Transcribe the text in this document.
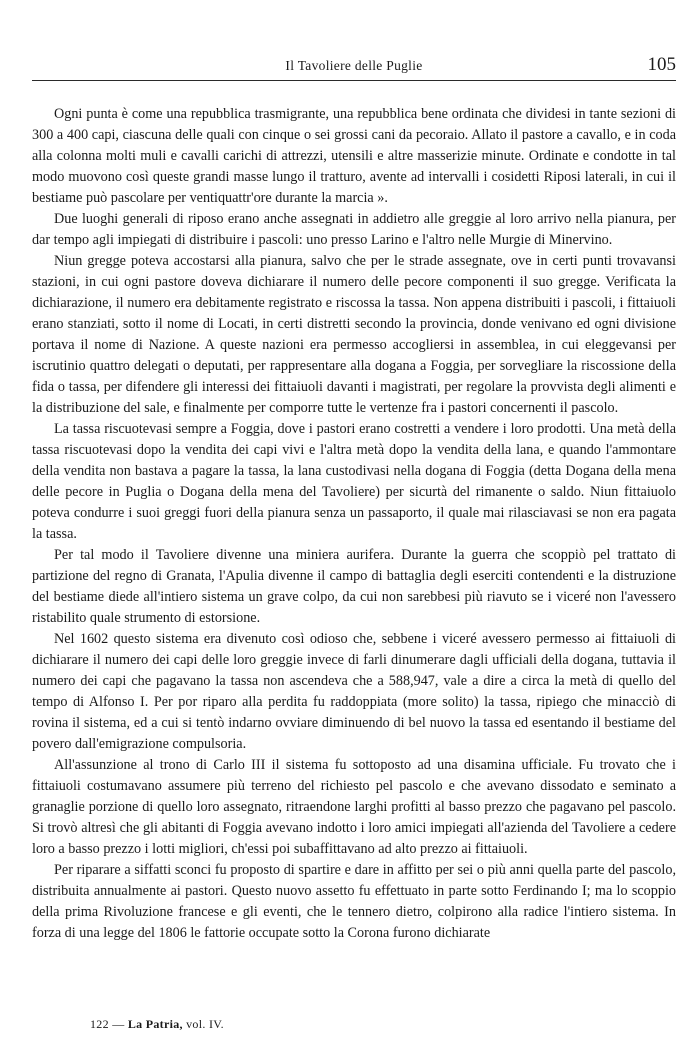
Il Tavoliere delle Puglie	105

Ogni punta è come una repubblica trasmigrante, una repubblica bene ordinata che dividesi in tante sezioni di 300 a 400 capi, ciascuna delle quali con cinque o sei grossi cani da pecoraio. Allato il pastore a cavallo, e in coda alla colonna molti muli e cavalli carichi di attrezzi, utensili e altre masserizie minute. Ordinate e condotte in tal modo muovono così queste grandi masse lungo il tratturo, avente ad intervalli i cosidetti Riposi laterali, in cui il bestiame può pascolare per ventiquattr'ore durante la marcia ».

Due luoghi generali di riposo erano anche assegnati in addietro alle greggie al loro arrivo nella pianura, per dar tempo agli impiegati di distribuire i pascoli: uno presso Larino e l'altro nelle Murgie di Minervino.

Niun gregge poteva accostarsi alla pianura, salvo che per le strade assegnate, ove in certi punti trovavansi stazioni, in cui ogni pastore doveva dichiarare il numero delle pecore componenti il suo gregge. Verificata la dichiarazione, il numero era debitamente registrato e riscossa la tassa. Non appena distribuiti i pascoli, i fittaiuoli erano stanziati, sotto il nome di Locati, in certi distretti secondo la provincia, donde venivano ed ogni divisione portava il nome di Nazione. A queste nazioni era permesso accogliersi in assemblea, in cui eleggevansi per iscrutinio quattro delegati o deputati, per rappresentare alla dogana a Foggia, per sorvegliare la riscossione della fida o tassa, per difendere gli interessi dei fittaiuoli davanti i magistrati, per regolare la provvista degli alimenti e la distribuzione del sale, e finalmente per comporre tutte le vertenze fra i pastori concernenti il pascolo.

La tassa riscuotevasi sempre a Foggia, dove i pastori erano costretti a vendere i loro prodotti. Una metà della tassa riscuotevasi dopo la vendita dei capi vivi e l'altra metà dopo la vendita della lana, e quando l'ammontare della vendita non bastava a pagare la tassa, la lana custodivasi nella dogana di Foggia (detta Dogana della mena delle pecore in Puglia o Dogana della mena del Tavoliere) per sicurtà del rimanente o saldo. Niun fittaiuolo poteva condurre i suoi greggi fuori della pianura senza un passaporto, il quale mai rilasciavasi se non era pagata la tassa.

Per tal modo il Tavoliere divenne una miniera aurifera. Durante la guerra che scoppiò pel trattato di partizione del regno di Granata, l'Apulia divenne il campo di battaglia degli eserciti contendenti e la distruzione del bestiame diede all'intiero sistema un grave colpo, da cui non sarebbesi più riavuto se i viceré non l'avessero ristabilito quale strumento di estorsione.

Nel 1602 questo sistema era divenuto così odioso che, sebbene i viceré avessero permesso ai fittaiuoli di dichiarare il numero dei capi delle loro greggie invece di farli dinumerare dagli ufficiali della dogana, tuttavia il numero dei capi che pagavano la tassa non ascendeva che a 588,947, vale a dire a circa la metà di quello del tempo di Alfonso I. Per por riparo alla perdita fu raddoppiata (more solito) la tassa, ripiego che minacciò di rovina il sistema, ed a cui si tentò indarno ovviare diminuendo di bel nuovo la tassa ed esentando il bestiame del povero dall'emigrazione compulsoria.

All'assunzione al trono di Carlo III il sistema fu sottoposto ad una disamina ufficiale. Fu trovato che i fittaiuoli costumavano assumere più terreno del richiesto pel pascolo e che avevano dissodato e seminato a granaglie porzione di quello loro assegnato, ritraendone larghi profitti al basso prezzo che pagavano pel pascolo. Si trovò altresì che gli abitanti di Foggia avevano indotto i loro amici impiegati all'azienda del Tavoliere a cedere loro a basso prezzo i lotti migliori, ch'essi poi subaffittavano ad alto prezzo ai fittaiuoli.

Per riparare a siffatti sconci fu proposto di spartire e dare in affitto per sei o più anni quella parte del pascolo, distribuita annualmente ai pastori. Questo nuovo assetto fu effettuato in parte sotto Ferdinando I; ma lo scoppio della prima Rivoluzione francese e gli eventi, che le tennero dietro, colpirono alla radice l'intiero sistema. In forza di una legge del 1806 le fattorie occupate sotto la Corona furono dichiarate

122 — La Patria, vol. IV.
